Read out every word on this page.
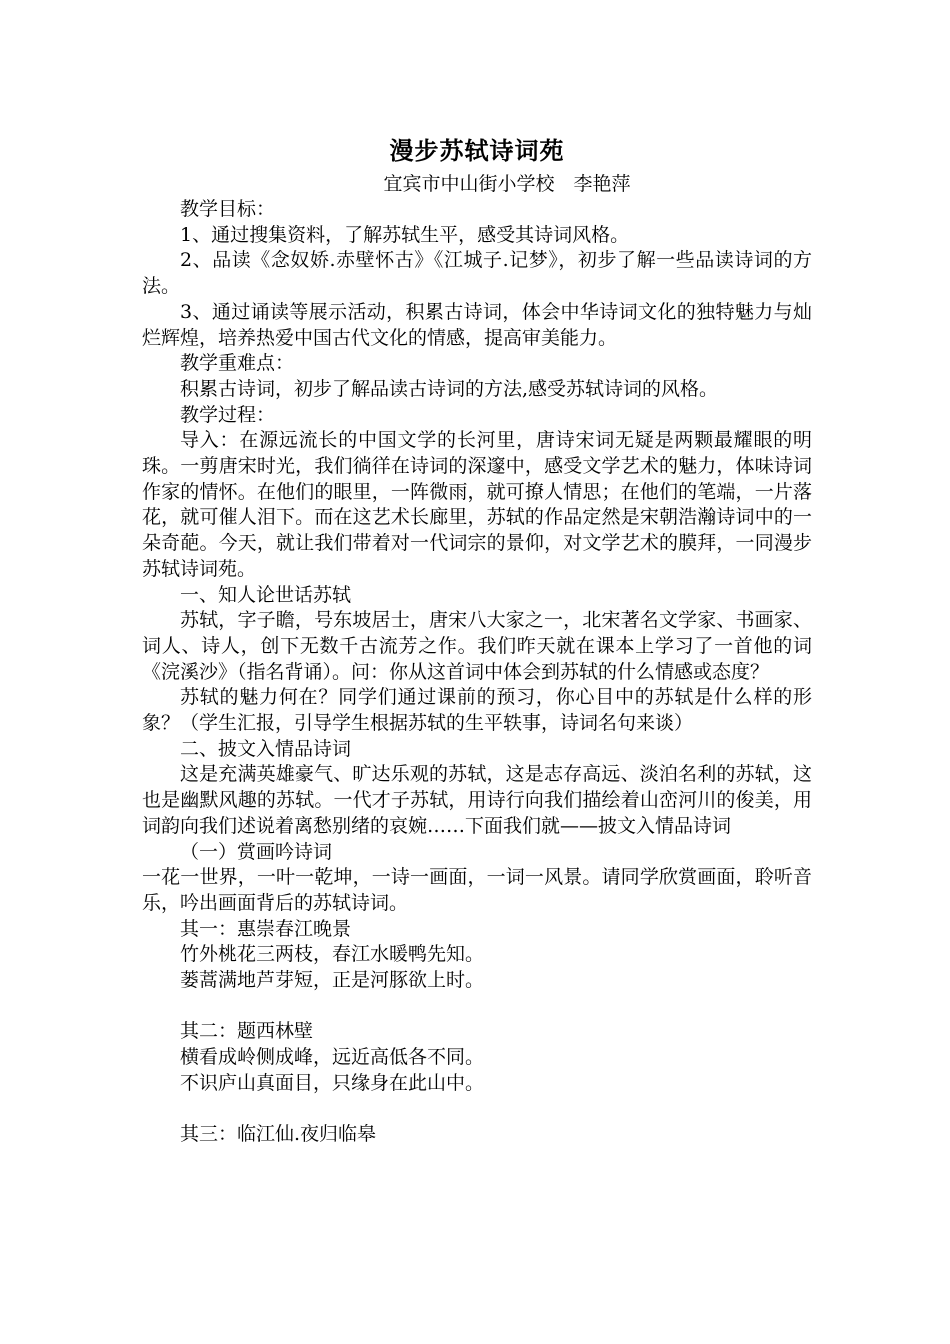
漫步苏轼诗词苑

宜宾市中山街小学校　李艳萍

教学目标：

1、通过搜集资料，了解苏轼生平，感受其诗词风格。

2、品读《念奴娇.赤壁怀古》《江城子.记梦》，初步了解一些品读诗词的方法。

3、通过诵读等展示活动，积累古诗词，体会中华诗词文化的独特魅力与灿烂辉煌，培养热爱中国古代文化的情感，提高审美能力。

教学重难点：

积累古诗词，初步了解品读古诗词的方法,感受苏轼诗词的风格。

教学过程：

导入：在源远流长的中国文学的长河里，唐诗宋词无疑是两颗最耀眼的明珠。一剪唐宋时光，我们徜徉在诗词的深邃中，感受文学艺术的魅力，体味诗词作家的情怀。在他们的眼里，一阵微雨，就可撩人情思；在他们的笔端，一片落花，就可催人泪下。而在这艺术长廊里，苏轼的作品定然是宋朝浩瀚诗词中的一朵奇葩。今天，就让我们带着对一代词宗的景仰，对文学艺术的膜拜，一同漫步苏轼诗词苑。

一、知人论世话苏轼

苏轼，字子瞻，号东坡居士，唐宋八大家之一，北宋著名文学家、书画家、词人、诗人，创下无数千古流芳之作。我们昨天就在课本上学习了一首他的词《浣溪沙》（指名背诵）。问：你从这首词中体会到苏轼的什么情感或态度？

苏轼的魅力何在？同学们通过课前的预习，你心目中的苏轼是什么样的形象？（学生汇报，引导学生根据苏轼的生平轶事，诗词名句来谈）

二、披文入情品诗词

这是充满英雄豪气、旷达乐观的苏轼，这是志存高远、淡泊名利的苏轼，这也是幽默风趣的苏轼。一代才子苏轼，用诗行向我们描绘着山峦河川的俊美，用词韵向我们述说着离愁别绪的哀婉……下面我们就——披文入情品诗词

（一）赏画吟诗词

一花一世界，一叶一乾坤，一诗一画面，一词一风景。请同学欣赏画面，聆听音乐，吟出画面背后的苏轼诗词。

其一：惠崇春江晚景

竹外桃花三两枝，春江水暖鸭先知。

蒌蒿满地芦芽短，正是河豚欲上时。

其二：题西林壁

横看成岭侧成峰，远近高低各不同。

不识庐山真面目，只缘身在此山中。

其三：临江仙.夜归临皋
